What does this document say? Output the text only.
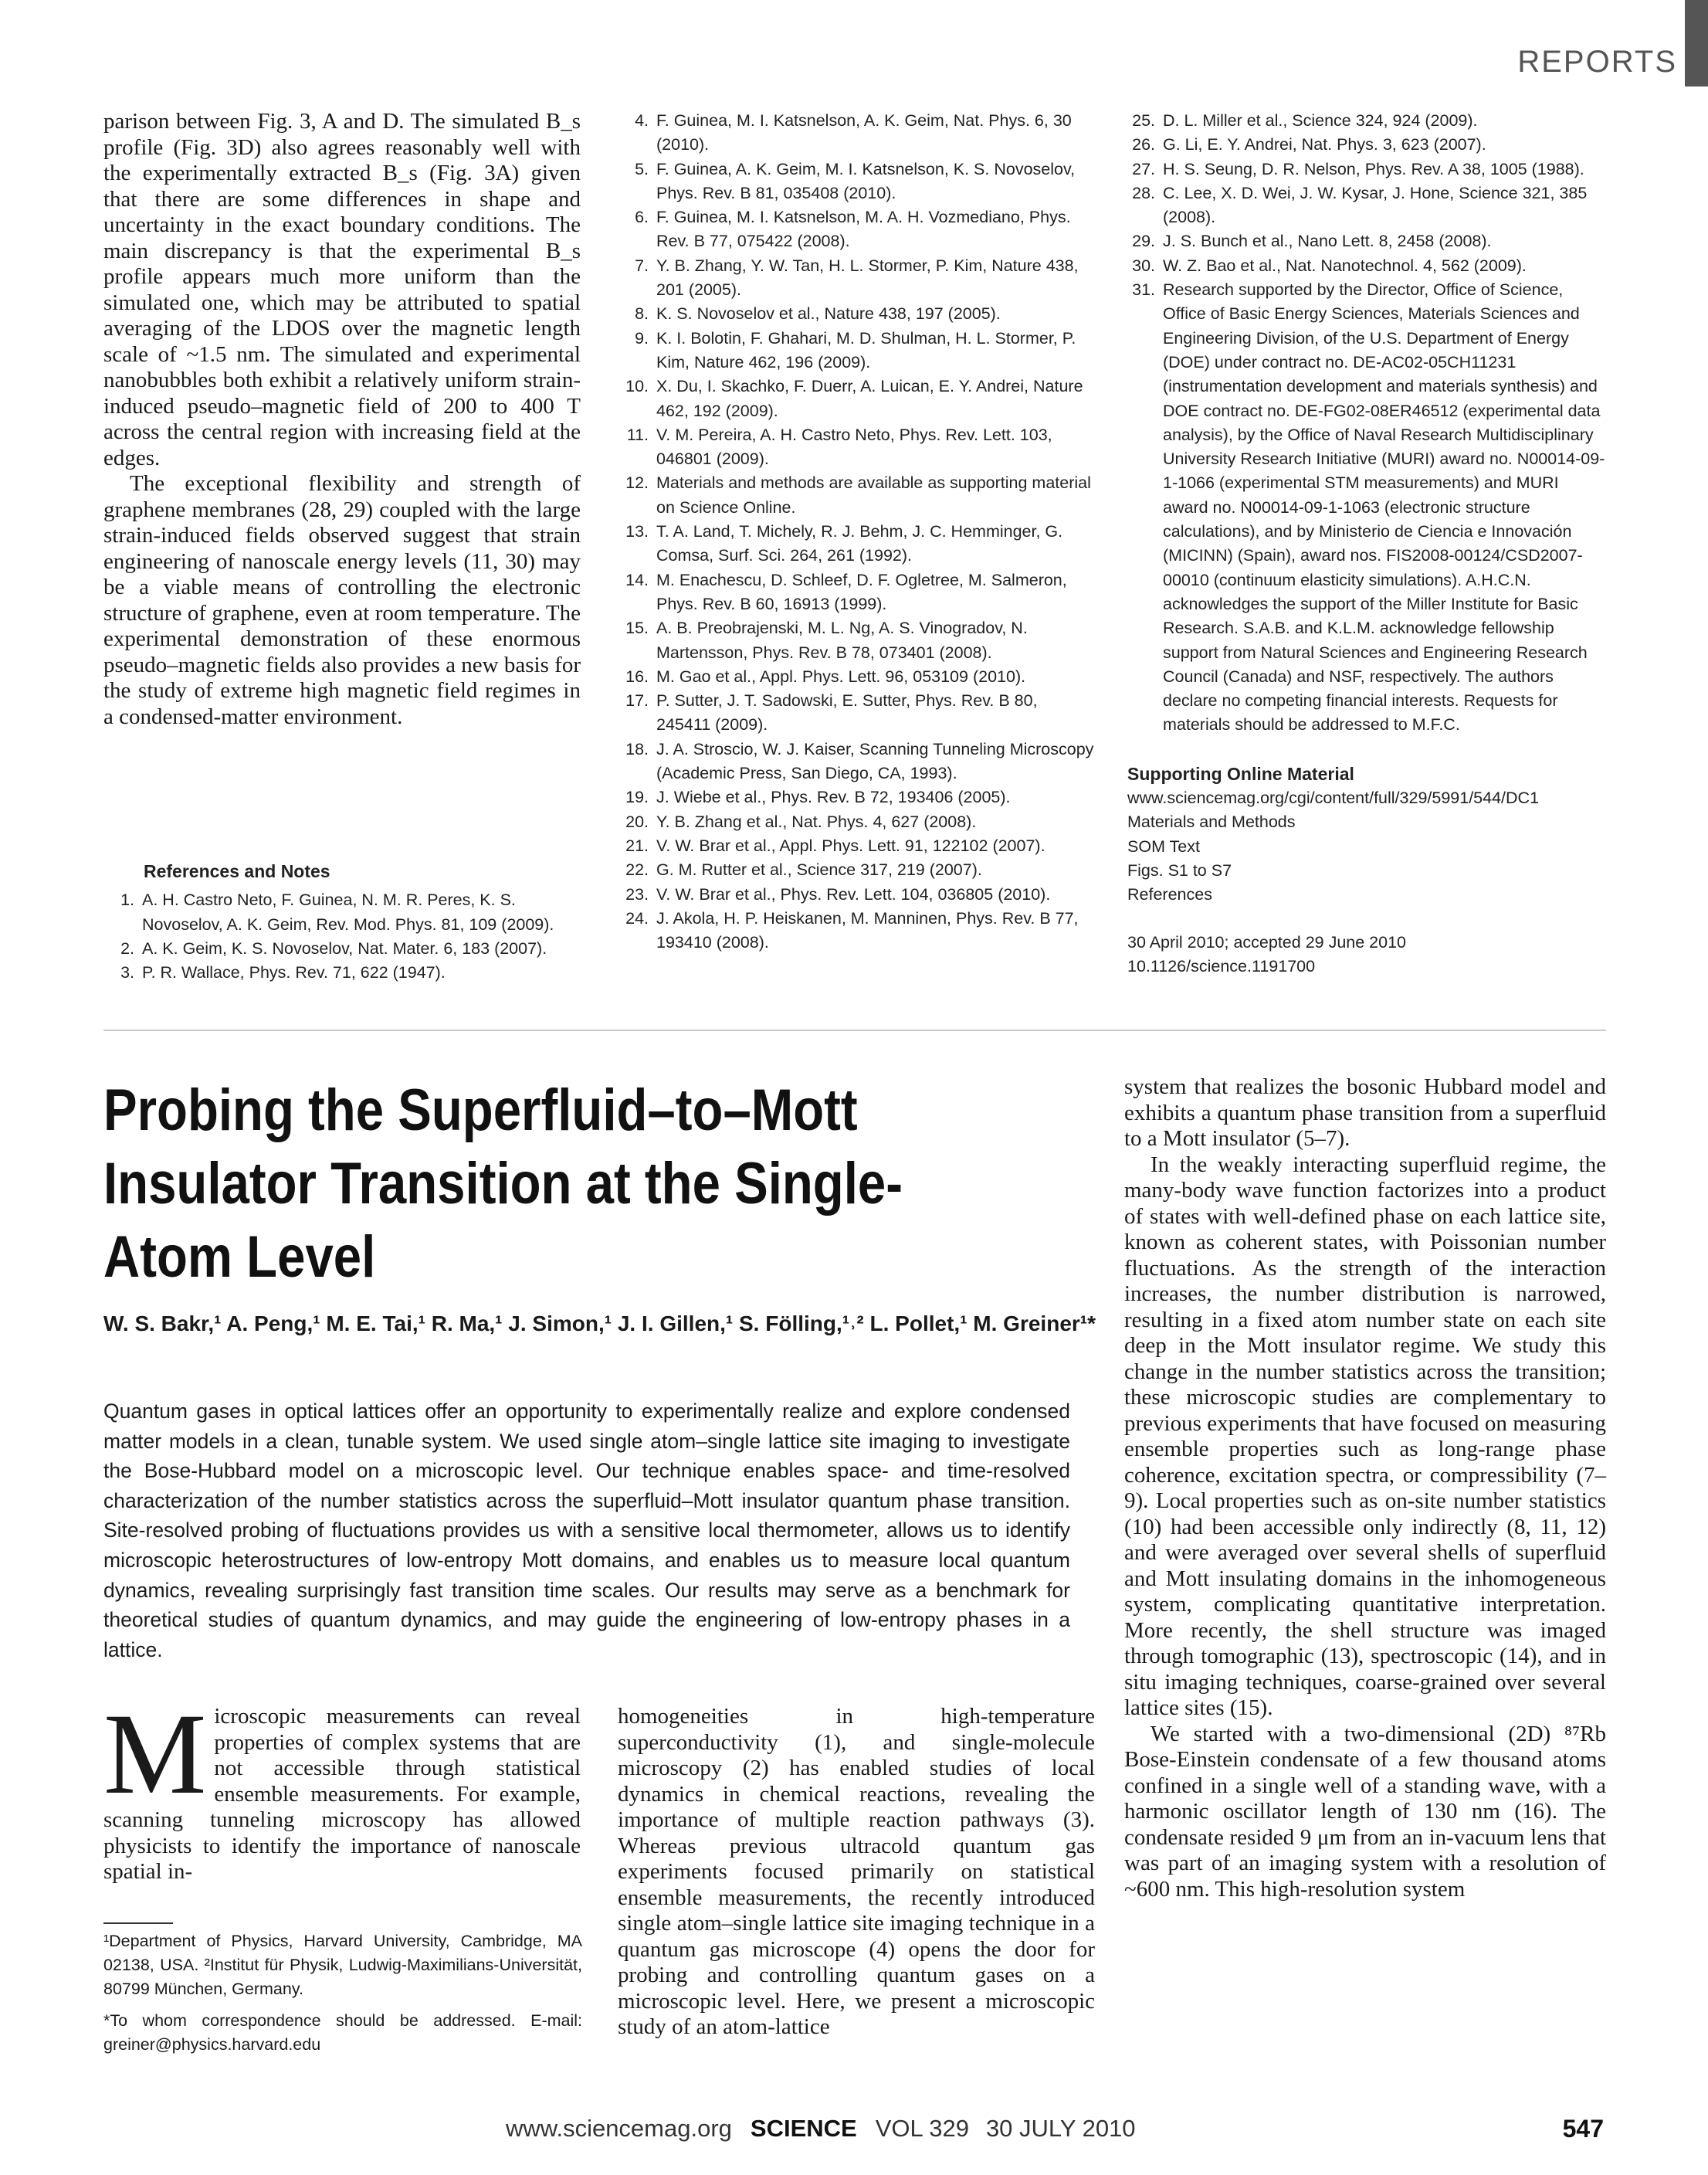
REPORTS

parison between Fig. 3, A and D. The simulated B_s profile (Fig. 3D) also agrees reasonably well with the experimentally extracted B_s (Fig. 3A) given that there are some differences in shape and uncertainty in the exact boundary conditions. The main discrepancy is that the experimental B_s profile appears much more uniform than the simulated one, which may be attributed to spatial averaging of the LDOS over the magnetic length scale of ~1.5 nm. The simulated and experimental nanobubbles both exhibit a relatively uniform strain-induced pseudo–magnetic field of 200 to 400 T across the central region with increasing field at the edges.

The exceptional flexibility and strength of graphene membranes (28, 29) coupled with the large strain-induced fields observed suggest that strain engineering of nanoscale energy levels (11, 30) may be a viable means of controlling the electronic structure of graphene, even at room temperature. The experimental demonstration of these enormous pseudo–magnetic fields also provides a new basis for the study of extreme high magnetic field regimes in a condensed-matter environment.

References and Notes
1. A. H. Castro Neto, F. Guinea, N. M. R. Peres, K. S. Novoselov, A. K. Geim, Rev. Mod. Phys. 81, 109 (2009).
2. A. K. Geim, K. S. Novoselov, Nat. Mater. 6, 183 (2007).
3. P. R. Wallace, Phys. Rev. 71, 622 (1947).
4. F. Guinea, M. I. Katsnelson, A. K. Geim, Nat. Phys. 6, 30 (2010).
5. F. Guinea, A. K. Geim, M. I. Katsnelson, K. S. Novoselov, Phys. Rev. B 81, 035408 (2010).
6. F. Guinea, M. I. Katsnelson, M. A. H. Vozmediano, Phys. Rev. B 77, 075422 (2008).
7. Y. B. Zhang, Y. W. Tan, H. L. Stormer, P. Kim, Nature 438, 201 (2005).
8. K. S. Novoselov et al., Nature 438, 197 (2005).
9. K. I. Bolotin, F. Ghahari, M. D. Shulman, H. L. Stormer, P. Kim, Nature 462, 196 (2009).
10. X. Du, I. Skachko, F. Duerr, A. Luican, E. Y. Andrei, Nature 462, 192 (2009).
11. V. M. Pereira, A. H. Castro Neto, Phys. Rev. Lett. 103, 046801 (2009).
12. Materials and methods are available as supporting material on Science Online.
13. T. A. Land, T. Michely, R. J. Behm, J. C. Hemminger, G. Comsa, Surf. Sci. 264, 261 (1992).
14. M. Enachescu, D. Schleef, D. F. Ogletree, M. Salmeron, Phys. Rev. B 60, 16913 (1999).
15. A. B. Preobrajenski, M. L. Ng, A. S. Vinogradov, N. Martensson, Phys. Rev. B 78, 073401 (2008).
16. M. Gao et al., Appl. Phys. Lett. 96, 053109 (2010).
17. P. Sutter, J. T. Sadowski, E. Sutter, Phys. Rev. B 80, 245411 (2009).
18. J. A. Stroscio, W. J. Kaiser, Scanning Tunneling Microscopy (Academic Press, San Diego, CA, 1993).
19. J. Wiebe et al., Phys. Rev. B 72, 193406 (2005).
20. Y. B. Zhang et al., Nat. Phys. 4, 627 (2008).
21. V. W. Brar et al., Appl. Phys. Lett. 91, 122102 (2007).
22. G. M. Rutter et al., Science 317, 219 (2007).
23. V. W. Brar et al., Phys. Rev. Lett. 104, 036805 (2010).
24. J. Akola, H. P. Heiskanen, M. Manninen, Phys. Rev. B 77, 193410 (2008).
25. D. L. Miller et al., Science 324, 924 (2009).
26. G. Li, E. Y. Andrei, Nat. Phys. 3, 623 (2007).
27. H. S. Seung, D. R. Nelson, Phys. Rev. A 38, 1005 (1988).
28. C. Lee, X. D. Wei, J. W. Kysar, J. Hone, Science 321, 385 (2008).
29. J. S. Bunch et al., Nano Lett. 8, 2458 (2008).
30. W. Z. Bao et al., Nat. Nanotechnol. 4, 562 (2009).
31. Research supported by the Director, Office of Science, Office of Basic Energy Sciences, Materials Sciences and Engineering Division, of the U.S. Department of Energy (DOE) under contract no. DE-AC02-05CH11231 (instrumentation development and materials synthesis) and DOE contract no. DE-FG02-08ER46512 (experimental data analysis), by the Office of Naval Research Multidisciplinary University Research Initiative (MURI) award no. N00014-09-1-1066 (experimental STM measurements) and MURI award no. N00014-09-1-1063 (electronic structure calculations), and by Ministerio de Ciencia e Innovación (MICINN) (Spain), award nos. FIS2008-00124/CSD2007-00010 (continuum elasticity simulations). A.H.C.N. acknowledges the support of the Miller Institute for Basic Research. S.A.B. and K.L.M. acknowledge fellowship support from Natural Sciences and Engineering Research Council (Canada) and NSF, respectively. The authors declare no competing financial interests. Requests for materials should be addressed to M.F.C.

Supporting Online Material

www.sciencemag.org/cgi/content/full/329/5991/544/DC1

Materials and Methods

SOM Text

Figs. S1 to S7

References

30 April 2010; accepted 29 June 2010

10.1126/science.1191700

Probing the Superfluid–to–Mott Insulator Transition at the Single-Atom Level

W. S. Bakr,¹ A. Peng,¹ M. E. Tai,¹ R. Ma,¹ J. Simon,¹ J. I. Gillen,¹ S. Fölling,¹˒² L. Pollet,¹ M. Greiner¹*

Quantum gases in optical lattices offer an opportunity to experimentally realize and explore condensed matter models in a clean, tunable system. We used single atom–single lattice site imaging to investigate the Bose-Hubbard model on a microscopic level. Our technique enables space- and time-resolved characterization of the number statistics across the superfluid–Mott insulator quantum phase transition. Site-resolved probing of fluctuations provides us with a sensitive local thermometer, allows us to identify microscopic heterostructures of low-entropy Mott domains, and enables us to measure local quantum dynamics, revealing surprisingly fast transition time scales. Our results may serve as a benchmark for theoretical studies of quantum dynamics, and may guide the engineering of low-entropy phases in a lattice.

Microscopic measurements can reveal properties of complex systems that are not accessible through statistical ensemble measurements. For example, scanning tunneling microscopy has allowed physicists to identify the importance of nanoscale spatial in-

¹Department of Physics, Harvard University, Cambridge, MA 02138, USA. ²Institut für Physik, Ludwig-Maximilians-Universität, 80799 München, Germany.

*To whom correspondence should be addressed. E-mail: greiner@physics.harvard.edu

homogeneities in high-temperature superconductivity (1), and single-molecule microscopy (2) has enabled studies of local dynamics in chemical reactions, revealing the importance of multiple reaction pathways (3). Whereas previous ultracold quantum gas experiments focused primarily on statistical ensemble measurements, the recently introduced single atom–single lattice site imaging technique in a quantum gas microscope (4) opens the door for probing and controlling quantum gases on a microscopic level. Here, we present a microscopic study of an atom-lattice

system that realizes the bosonic Hubbard model and exhibits a quantum phase transition from a superfluid to a Mott insulator (5–7).

In the weakly interacting superfluid regime, the many-body wave function factorizes into a product of states with well-defined phase on each lattice site, known as coherent states, with Poissonian number fluctuations. As the strength of the interaction increases, the number distribution is narrowed, resulting in a fixed atom number state on each site deep in the Mott insulator regime. We study this change in the number statistics across the transition; these microscopic studies are complementary to previous experiments that have focused on measuring ensemble properties such as long-range phase coherence, excitation spectra, or compressibility (7–9). Local properties such as on-site number statistics (10) had been accessible only indirectly (8, 11, 12) and were averaged over several shells of superfluid and Mott insulating domains in the inhomogeneous system, complicating quantitative interpretation. More recently, the shell structure was imaged through tomographic (13), spectroscopic (14), and in situ imaging techniques, coarse-grained over several lattice sites (15).

We started with a two-dimensional (2D) ⁸⁷Rb Bose-Einstein condensate of a few thousand atoms confined in a single well of a standing wave, with a harmonic oscillator length of 130 nm (16). The condensate resided 9 μm from an in-vacuum lens that was part of an imaging system with a resolution of ~600 nm. This high-resolution system

www.sciencemag.org SCIENCE VOL 329 30 JULY 2010	547
